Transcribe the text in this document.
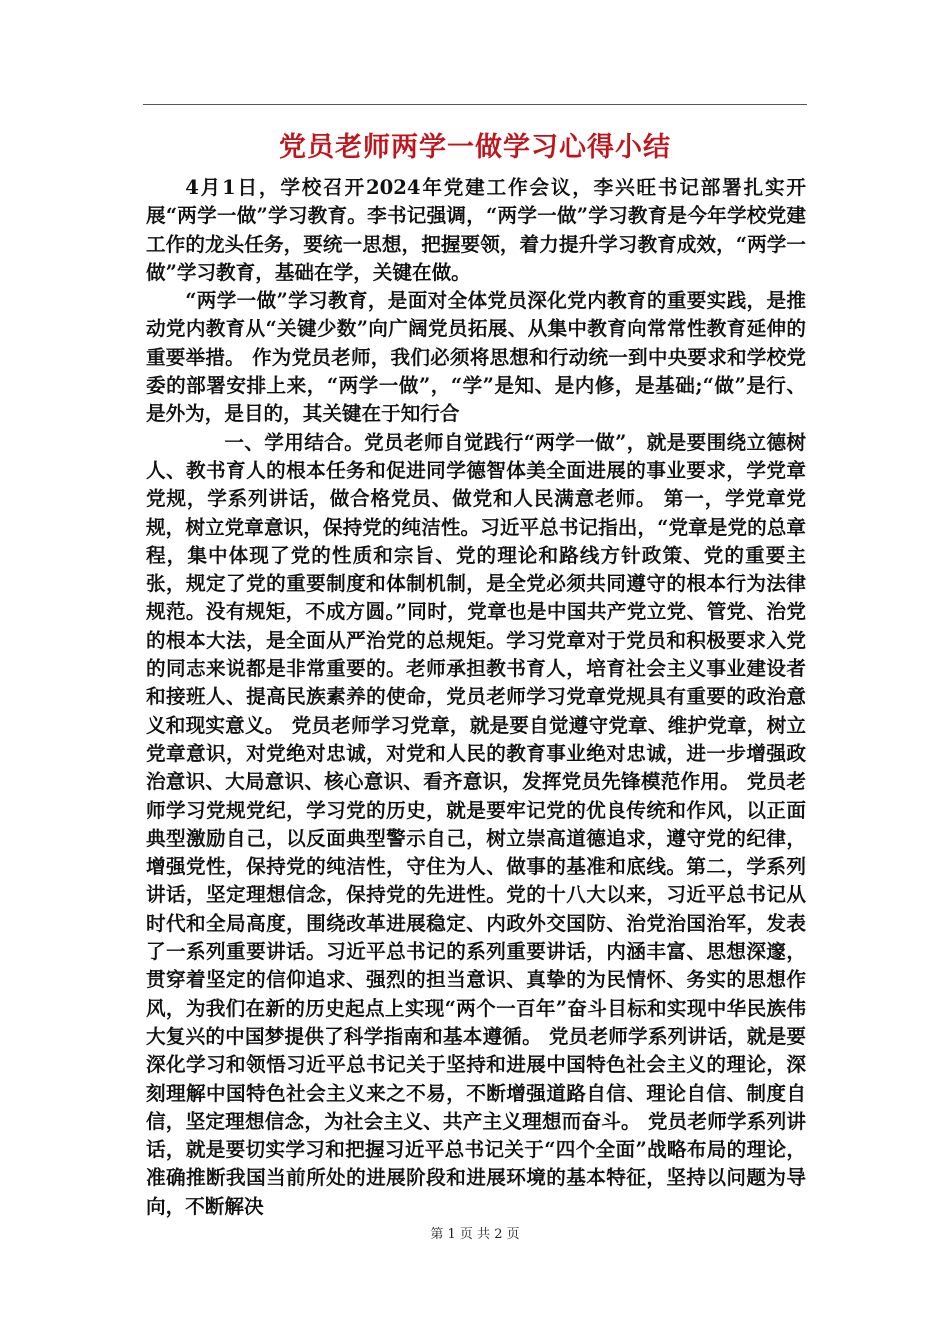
党员老师两学一做学习心得小结

4月1日，学校召开2024年党建工作会议，李兴旺书记部署扎实开展“两学一做”学习教育。李书记强调，“两学一做”学习教育是今年学校党建工作的龙头任务，要统一思想，把握要领，着力提升学习教育成效，“两学一做”学习教育，基础在学，关键在做。

“两学一做”学习教育，是面对全体党员深化党内教育的重要实践，是推动党内教育从“关键少数”向广阔党员拓展、从集中教育向常常性教育延伸的重要举措。 作为党员老师，我们必须将思想和行动统一到中央要求和学校党委的部署安排上来，“两学一做”，“学”是知、是内修，是基础;“做”是行、是外为，是目的，其关键在于知行合

一、学用结合。党员老师自觉践行“两学一做”，就是要围绕立德树人、教书育人的根本任务和促进同学德智体美全面进展的事业要求，学党章党规，学系列讲话，做合格党员、做党和人民满意老师。 第一，学党章党规，树立党章意识，保持党的纯洁性。习近平总书记指出，“党章是党的总章程，集中体现了党的性质和宗旨、党的理论和路线方针政策、党的重要主张，规定了党的重要制度和体制机制，是全党必须共同遵守的根本行为法律规范。没有规矩，不成方圆。”同时，党章也是中国共产党立党、管党、治党的根本大法，是全面从严治党的总规矩。学习党章对于党员和积极要求入党的同志来说都是非常重要的。老师承担教书育人，培育社会主义事业建设者和接班人、提高民族素养的使命，党员老师学习党章党规具有重要的政治意义和现实意义。 党员老师学习党章，就是要自觉遵守党章、维护党章，树立党章意识，对党绝对忠诚，对党和人民的教育事业绝对忠诚，进一步增强政治意识、大局意识、核心意识、看齐意识，发挥党员先锋模范作用。 党员老师学习党规党纪，学习党的历史，就是要牢记党的优良传统和作风，以正面典型激励自己，以反面典型警示自己，树立崇高道德追求，遵守党的纪律，增强党性，保持党的纯洁性，守住为人、做事的基准和底线。第二，学系列讲话，坚定理想信念，保持党的先进性。党的十八大以来，习近平总书记从时代和全局高度，围绕改革进展稳定、内政外交国防、治党治国治军，发表了一系列重要讲话。习近平总书记的系列重要讲话，内涵丰富、思想深邃，贯穿着坚定的信仰追求、强烈的担当意识、真挚的为民情怀、务实的思想作风，为我们在新的历史起点上实现“两个一百年”奋斗目标和实现中华民族伟大复兴的中国梦提供了科学指南和基本遵循。 党员老师学系列讲话，就是要深化学习和领悟习近平总书记关于坚持和进展中国特色社会主义的理论，深刻理解中国特色社会主义来之不易，不断增强道路自信、理论自信、制度自信，坚定理想信念，为社会主义、共产主义理想而奋斗。 党员老师学系列讲话，就是要切实学习和把握习近平总书记关于“四个全面”战略布局的理论，准确推断我国当前所处的进展阶段和进展环境的基本特征，坚持以问题为导向，不断解决

第 1 页 共 2 页
